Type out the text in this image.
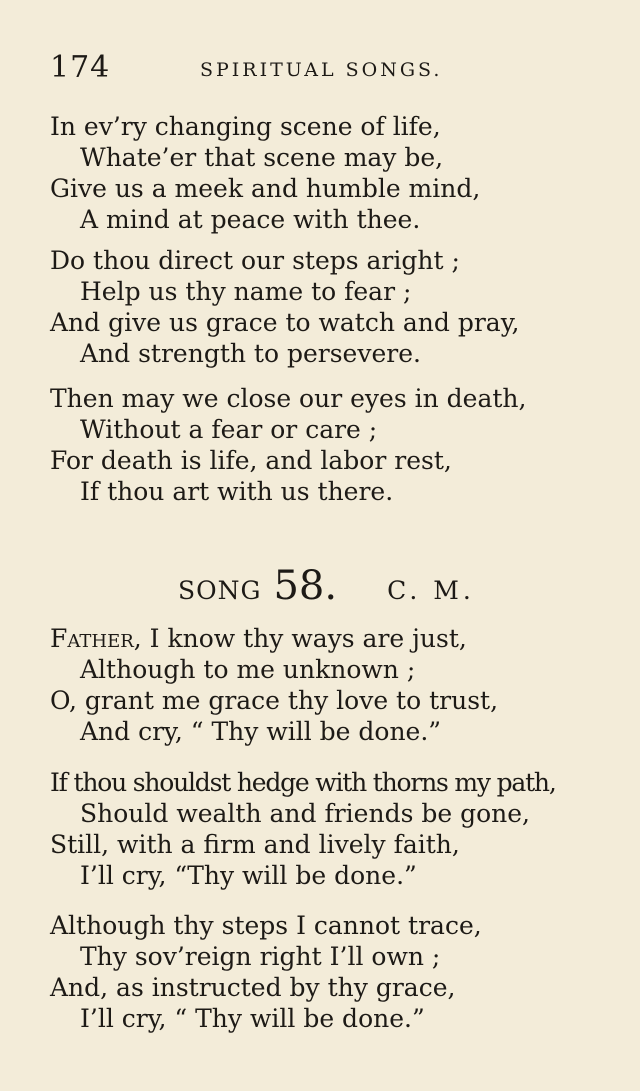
174	SPIRITUAL SONGS.
In ev’ry changing scene of life,
Whate’er that scene may be,
Give us a meek and humble mind,
A mind at peace with thee.
Do thou direct our steps aright ;
Help us thy name to fear ;
And give us grace to watch and pray,
And strength to persevere.
Then may we close our eyes in death,
Without a fear or care ;
For death is life, and labor rest,
If thou art with us there.
SONG 58. C. M.
Father, I know thy ways are just,
Although to me unknown ;
O, grant me grace thy love to trust,
And cry, “ Thy will be done.”
If thou shouldst hedge with thorns my path,
Should wealth and friends be gone,
Still, with a firm and lively faith,
I’ll cry, “Thy will be done.”
Although thy steps I cannot trace,
Thy sov’reign right I’ll own ;
And, as instructed by thy grace,
I’ll cry, “ Thy will be done.”
